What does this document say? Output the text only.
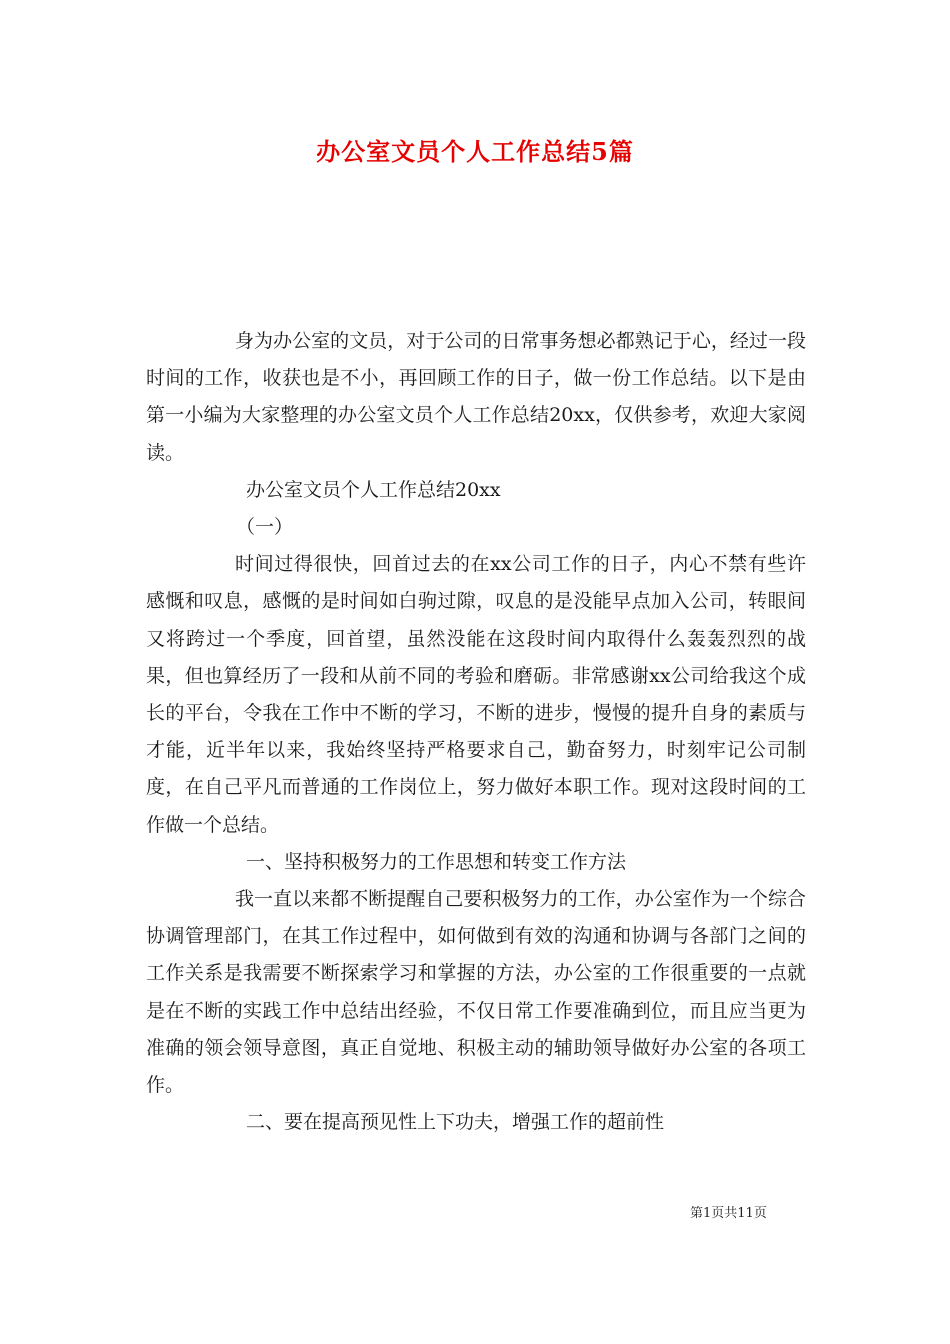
办公室文员个人工作总结5篇

身为办公室的文员，对于公司的日常事务想必都熟记于心，经过一段时间的工作，收获也是不小，再回顾工作的日子，做一份工作总结。以下是由第一小编为大家整理的办公室文员个人工作总结20xx，仅供参考，欢迎大家阅读。

办公室文员个人工作总结20xx

（一）

时间过得很快，回首过去的在xx公司工作的日子，内心不禁有些许感慨和叹息，感慨的是时间如白驹过隙，叹息的是没能早点加入公司，转眼间又将跨过一个季度，回首望，虽然没能在这段时间内取得什么轰轰烈烈的战果，但也算经历了一段和从前不同的考验和磨砺。非常感谢xx公司给我这个成长的平台，令我在工作中不断的学习，不断的进步，慢慢的提升自身的素质与才能，近半年以来，我始终坚持严格要求自己，勤奋努力，时刻牢记公司制度，在自己平凡而普通的工作岗位上，努力做好本职工作。现对这段时间的工作做一个总结。

一、坚持积极努力的工作思想和转变工作方法

我一直以来都不断提醒自己要积极努力的工作，办公室作为一个综合协调管理部门，在其工作过程中，如何做到有效的沟通和协调与各部门之间的工作关系是我需要不断探索学习和掌握的方法，办公室的工作很重要的一点就是在不断的实践工作中总结出经验，不仅日常工作要准确到位，而且应当更为准确的领会领导意图，真正自觉地、积极主动的辅助领导做好办公室的各项工作。

二、要在提高预见性上下功夫，增强工作的超前性

第1页共11页
